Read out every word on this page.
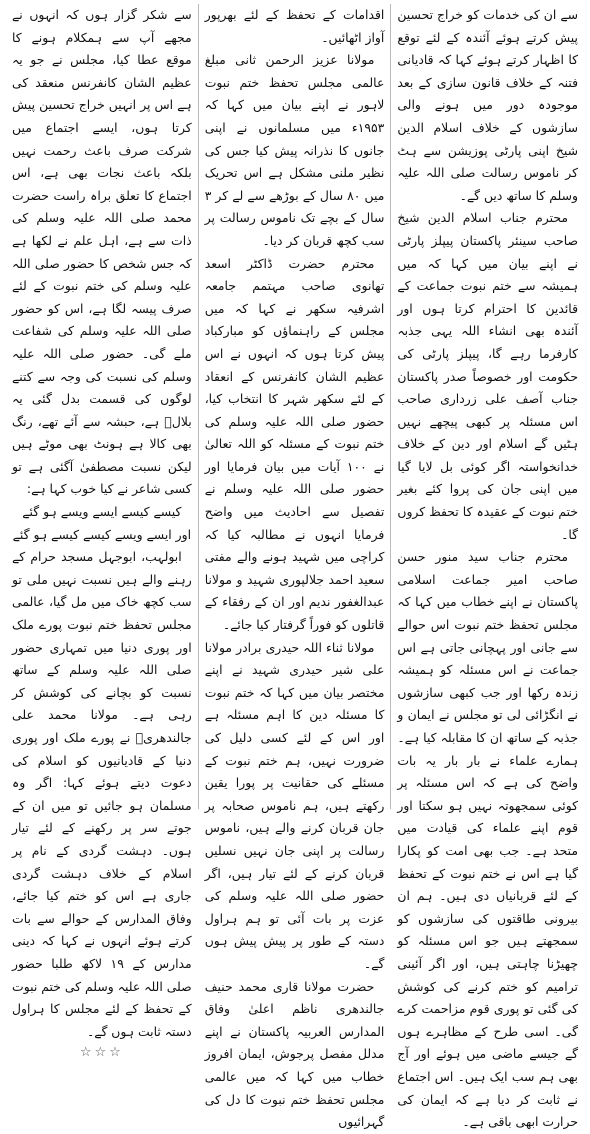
سے ان کی خدمات کو خراج تحسین پیش کرتے ہوئے آئندہ کے لئے توقع کا اظہار کرتے ہوئے کہا کہ قادیانی فتنہ کے خلاف قانون سازی کے بعد موجودہ دور میں ہونے والی سازشوں کے خلاف اسلام الدین شیخ اپنی پارٹی پوزیشن سے ہٹ کر ناموس رسالت صلی اللہ علیہ وسلم کا ساتھ دیں گے۔

محترم جناب اسلام الدین شیخ صاحب سینئر پاکستان پیپلز پارٹی نے اپنے بیان میں کہا کہ میں ہمیشہ سے ختم نبوت جماعت کے قائدین کا احترام کرتا ہوں اور آئندہ بھی انشاء اللہ یہی جذبہ کارفرما رہے گا، پیپلز پارٹی کی حکومت اور خصوصاً صدر پاکستان جناب آصف علی زرداری صاحب اس مسئلہ پر کبھی پیچھے نہیں ہٹیں گے اسلام اور دین کے خلاف خدانخواستہ اگر کوئی بل لایا گیا میں اپنی جان کی پروا کئے بغیر ختم نبوت کے عقیدہ کا تحفظ کروں گا۔

محترم جناب سید منور حسن صاحب امیر جماعت اسلامی پاکستان نے اپنے خطاب میں کہا کہ مجلس تحفظ ختم نبوت اس حوالے سے جانی اور پہچانی جاتی ہے اس جماعت نے اس مسئلہ کو ہمیشہ زندہ رکھا اور جب کبھی سازشوں نے انگڑائی لی تو مجلس نے ایمان و جذبہ کے ساتھ ان کا مقابلہ کیا ہے۔ ہمارے علماء نے بار بار یہ بات واضح کی ہے کہ اس مسئلہ پر کوئی سمجھوتہ نہیں ہو سکتا اور قوم اپنے علماء کی قیادت میں متحد ہے۔ جب بھی امت کو پکارا گیا ہے اس نے ختم نبوت کے تحفظ کے لئے قربانیاں دی ہیں۔ ہم ان بیرونی طاقتوں کی سازشوں کو سمجھتے ہیں جو اس مسئلہ کو چھیڑنا چاہتی ہیں، اور اگر آئینی ترامیم کو ختم کرنے کی کوشش کی گئی تو پوری قوم مزاحمت کرے گی۔ اسی طرح کے مظاہرے ہوں گے جیسے ماضی میں ہوئے اور آج بھی ہم سب ایک ہیں۔ اس اجتماع نے ثابت کر دیا ہے کہ ایمان کی حرارت ابھی باقی ہے۔

اقدامات کے تحفظ کے لئے بھرپور آواز اٹھائیں۔

مولانا عزیز الرحمن ثانی مبلغ عالمی مجلس تحفظ ختم نبوت لاہور نے اپنے بیان میں کہا کہ ۱۹۵۳ء میں مسلمانوں نے اپنی جانوں کا نذرانہ پیش کیا جس کی نظیر ملنی مشکل ہے اس تحریک میں ۸۰ سال کے بوڑھے سے لے کر ۳ سال کے بچے تک ناموس رسالت پر سب کچھ قربان کر دیا۔

محترم حضرت ڈاکٹر اسعد تھانوی صاحب مہتمم جامعہ اشرفیہ سکھر نے کہا کہ میں مجلس کے راہنماؤں کو مبارکباد پیش کرتا ہوں کہ انہوں نے اس عظیم الشان کانفرنس کے انعقاد کے لئے سکھر شہر کا انتخاب کیا، حضور صلی اللہ علیہ وسلم کی ختم نبوت کے مسئلہ کو اللہ تعالیٰ نے ۱۰۰ آیات میں بیان فرمایا اور حضور صلی اللہ علیہ وسلم نے تفصیل سے احادیث میں واضح فرمایا انہوں نے مطالبہ کیا کہ کراچی میں شہید ہونے والے مفتی سعید احمد جلالپوری شہید و مولانا عبدالغفور ندیم اور ان کے رفقاء کے قاتلوں کو فوراً گرفتار کیا جائے۔

مولانا ثناء اللہ حیدری برادر مولانا علی شیر حیدری شہید نے اپنے مختصر بیان میں کہا کہ ختم نبوت کا مسئلہ دین کا اہم مسئلہ ہے اور اس کے لئے کسی دلیل کی ضرورت نہیں، ہم ختم نبوت کے مسئلے کی حقانیت پر پورا یقین رکھتے ہیں، ہم ناموس صحابہ پر جان قربان کرنے والے ہیں، ناموس رسالت پر اپنی جان نہیں نسلیں قربان کرنے کے لئے تیار ہیں، اگر حضور صلی اللہ علیہ وسلم کی عزت پر بات آئی تو ہم ہراول دستہ کے طور پر پیش پیش ہوں گے۔

حضرت مولانا قاری محمد حنیف جالندھری ناظم اعلیٰ وفاق المدارس العربیہ پاکستان نے اپنے مدلل مفصل پرجوش، ایمان افروز خطاب میں کہا کہ میں عالمی مجلس تحفظ ختم نبوت کا دل کی گہرائیوں

سے شکر گزار ہوں کہ انہوں نے مجھے آپ سے ہمکلام ہونے کا موقع عطا کیا، مجلس نے جو یہ عظیم الشان کانفرنس منعقد کی ہے اس پر انہیں خراج تحسین پیش کرتا ہوں، ایسے اجتماع میں شرکت صرف باعث رحمت نہیں بلکہ باعث نجات بھی ہے، اس اجتماع کا تعلق براہ راست حضرت محمد صلی اللہ علیہ وسلم کی ذات سے ہے، اہل علم نے لکھا ہے کہ جس شخص کا حضور صلی اللہ علیہ وسلم کی ختم نبوت کے لئے صرف پیسہ لگا ہے، اس کو حضور صلی اللہ علیہ وسلم کی شفاعت ملے گی۔ حضور صلی اللہ علیہ وسلم کی نسبت کی وجہ سے کتنے لوگوں کی قسمت بدل گئی یہ بلالؓ ہے، حبشہ سے آئے تھے، رنگ بھی کالا ہے ہونٹ بھی موٹے ہیں لیکن نسبت مصطفیٰ آگئی ہے تو کسی شاعر نے کیا خوب کہا ہے:

کیسے کیسے ایسے ویسے ہو گئے
اور ایسے ویسے کیسے کیسے ہو گئے

ابولہب، ابوجہل مسجد حرام کے رہنے والے ہیں نسبت نہیں ملی تو سب کچھ خاک میں مل گیا، عالمی مجلس تحفظ ختم نبوت پورے ملک اور پوری دنیا میں تمہاری حضور صلی اللہ علیہ وسلم کے ساتھ نسبت کو بچانے کی کوشش کر رہی ہے۔ مولانا محمد علی جالندھریؒ نے پورے ملک اور پوری دنیا کے قادیانیوں کو اسلام کی دعوت دیتے ہوئے کہا: اگر وہ مسلمان ہو جائیں تو میں ان کے جوتے سر پر رکھنے کے لئے تیار ہوں۔ دہشت گردی کے نام پر اسلام کے خلاف دہشت گردی جاری ہے اس کو ختم کیا جائے، وفاق المدارس کے حوالے سے بات کرتے ہوئے انہوں نے کہا کہ دینی مدارس کے ۱۹ لاکھ طلبا حضور صلی اللہ علیہ وسلم کی ختم نبوت کے تحفظ کے لئے مجلس کا ہراول دستہ ثابت ہوں گے۔

☆☆☆
